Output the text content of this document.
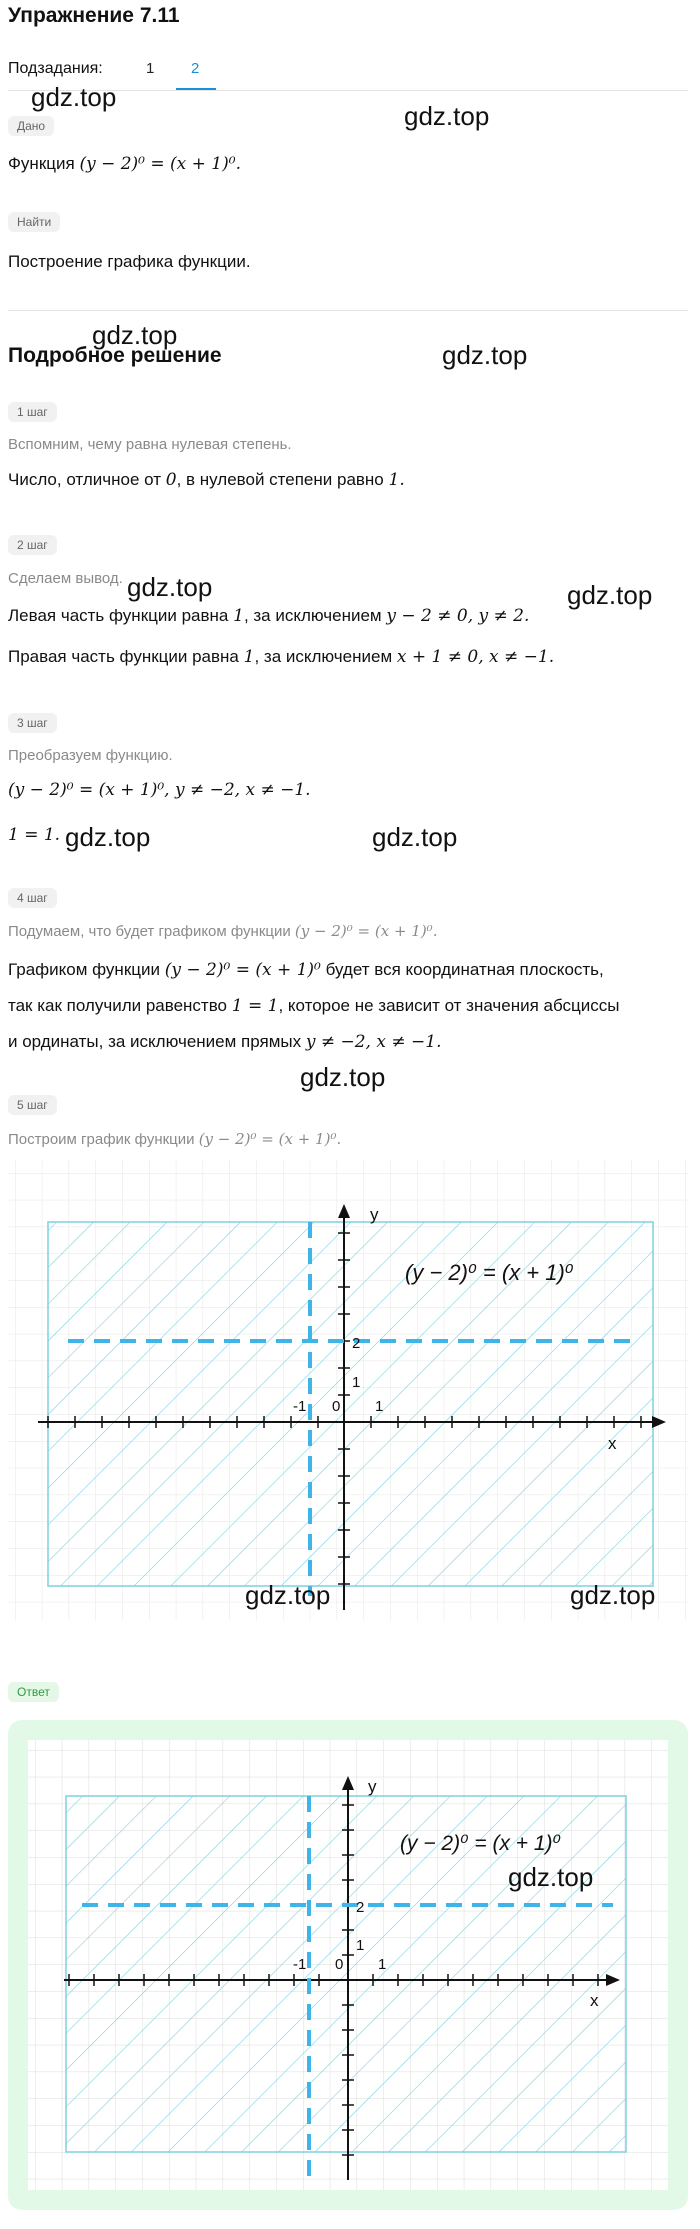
Упражнение 7.11
Подзадания:	1 2
Дано
Функция (y − 2)⁰ = (x + 1)⁰.
Найти
Построение графика функции.
Подробное решение
1 шаг
Вспомним, чему равна нулевая степень.
Число, отличное от 0, в нулевой степени равно 1.
2 шаг
Сделаем вывод.
Левая часть функции равна 1, за исключением y − 2 ≠ 0, y ≠ 2.
Правая часть функции равна 1, за исключением x + 1 ≠ 0, x ≠ −1.
3 шаг
Преобразуем функцию.
(y − 2)⁰ = (x + 1)⁰, y ≠ −2, x ≠ −1.
1 = 1.
4 шаг
Подумаем, что будет графиком функции (y − 2)⁰ = (x + 1)⁰.
Графиком функции (y − 2)⁰ = (x + 1)⁰ будет вся координатная плоскость,
так как получили равенство 1 = 1, которое не зависит от значения абсциссы
и ординаты, за исключением прямых y ≠ −2, x ≠ −1.
5 шаг
Построим график функции (y − 2)⁰ = (x + 1)⁰.
y
x
2
1
-1 0 1
(y − 2)⁰ = (x + 1)⁰
Ответ
y
x
2
1
-1 0 1
(y − 2)⁰ = (x + 1)⁰
gdz.top
gdz.top
gdz.top
gdz.top
gdz.top	gdz.top
gdz.top	gdz.top
gdz.top
gdz.top	gdz.top
gdz.top
